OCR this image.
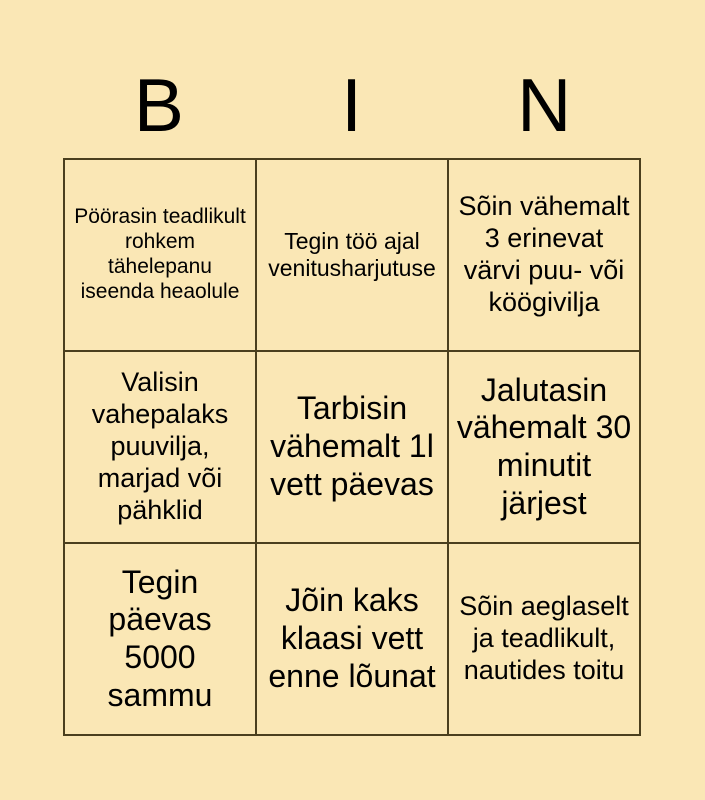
B	I	N
Pöörasin teadlikult rohkem tähelepanu iseenda heaolule
Tegin töö ajal venitusharjutuse
Sõin vähemalt 3 erinevat värvi puu- või köögivilja
Valisin vahepalaks puuvilja, marjad või pähklid
Tarbisin vähemalt 1l vett päevas
Jalutasin vähemalt 30 minutit järjest
Tegin päevas 5000 sammu
Jõin kaks klaasi vett enne lõunat
Sõin aeglaselt ja teadlikult, nautides toitu
